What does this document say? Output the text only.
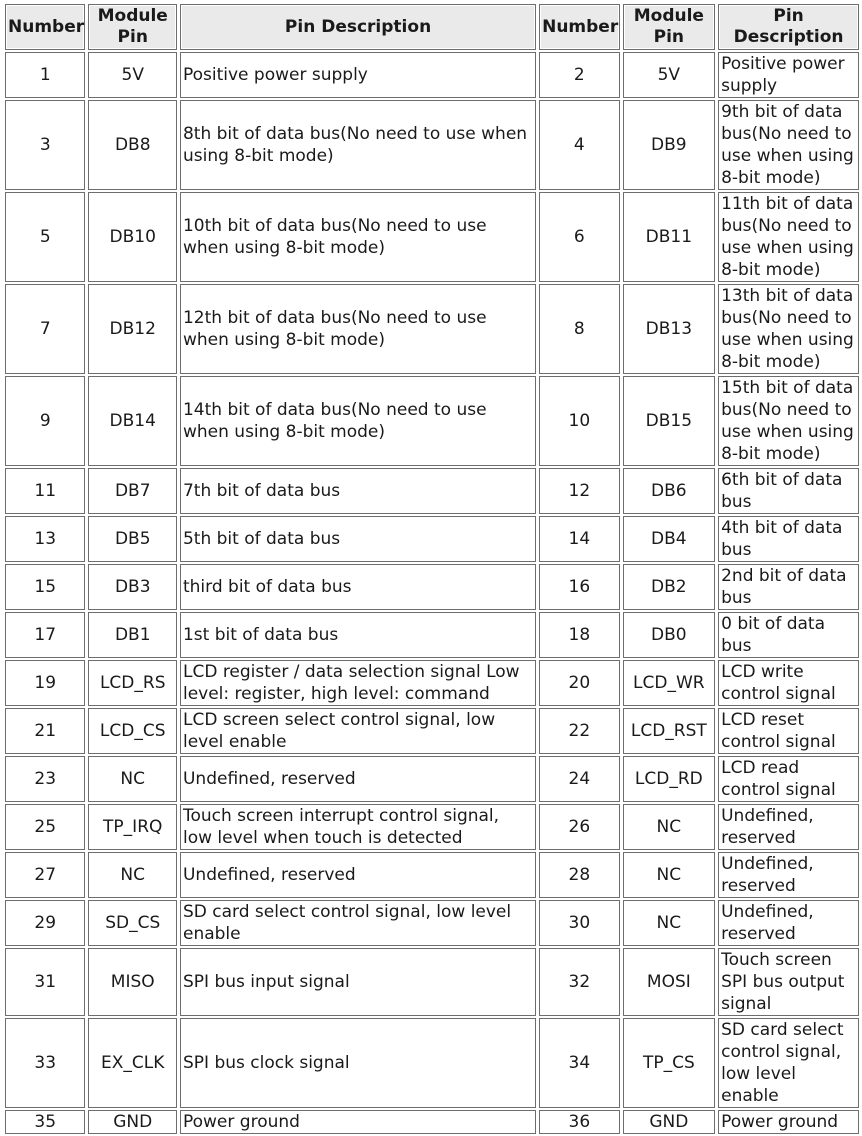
Number	Module Pin	Pin Description	Number	Module Pin	Pin Description
1	5V	Positive power supply	2	5V	Positive power supply
3	DB8	8th bit of data bus(No need to use when using 8-bit mode)	4	DB9	9th bit of data bus(No need to use when using 8-bit mode)
5	DB10	10th bit of data bus(No need to use when using 8-bit mode)	6	DB11	11th bit of data bus(No need to use when using 8-bit mode)
7	DB12	12th bit of data bus(No need to use when using 8-bit mode)	8	DB13	13th bit of data bus(No need to use when using 8-bit mode)
9	DB14	14th bit of data bus(No need to use when using 8-bit mode)	10	DB15	15th bit of data bus(No need to use when using 8-bit mode)
11	DB7	7th bit of data bus	12	DB6	6th bit of data bus
13	DB5	5th bit of data bus	14	DB4	4th bit of data bus
15	DB3	third bit of data bus	16	DB2	2nd bit of data bus
17	DB1	1st bit of data bus	18	DB0	0 bit of data bus
19	LCD_RS	LCD register / data selection signal Low level: register, high level: command	20	LCD_WR	LCD write control signal
21	LCD_CS	LCD screen select control signal, low level enable	22	LCD_RST	LCD reset control signal
23	NC	Undefined, reserved	24	LCD_RD	LCD read control signal
25	TP_IRQ	Touch screen interrupt control signal, low level when touch is detected	26	NC	Undefined, reserved
27	NC	Undefined, reserved	28	NC	Undefined, reserved
29	SD_CS	SD card select control signal, low level enable	30	NC	Undefined, reserved
31	MISO	SPI bus input signal	32	MOSI	Touch screen SPI bus output signal
33	EX_CLK	SPI bus clock signal	34	TP_CS	SD card select control signal, low level enable
35	GND	Power ground	36	GND	Power ground
